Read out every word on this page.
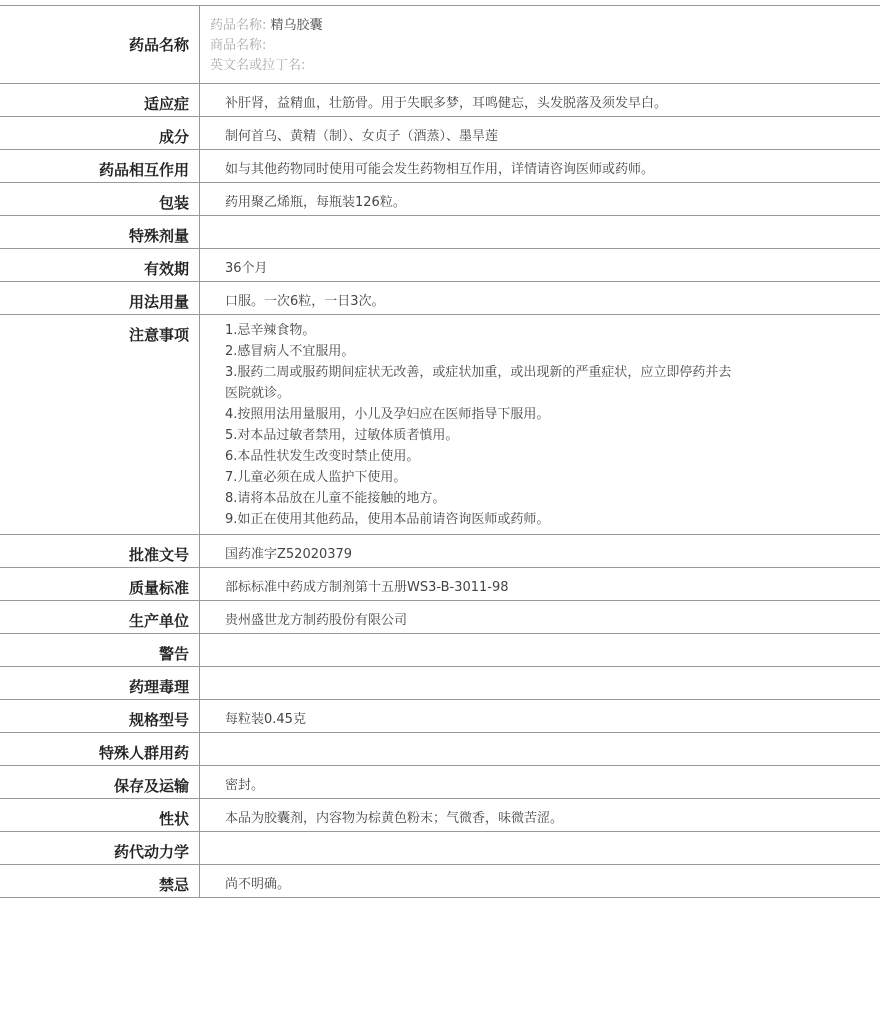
药品名称
药品名称: 精乌胶囊
商品名称:
英文名或拉丁名:
适应症	补肝肾，益精血，壮筋骨。用于失眠多梦，耳鸣健忘，头发脱落及须发早白。
成分	制何首乌、黄精（制）、女贞子（酒蒸）、墨旱莲
药品相互作用	如与其他药物同时使用可能会发生药物相互作用，详情请咨询医师或药师。
包装	药用聚乙烯瓶，每瓶装126粒。
特殊剂量
有效期	36个月
用法用量	口服。一次6粒，一日3次。
注意事项	1.忌辛辣食物。
2.感冒病人不宜服用。
3.服药二周或服药期间症状无改善，或症状加重，或出现新的严重症状，应立即停药并去
医院就诊。
4.按照用法用量服用，小儿及孕妇应在医师指导下服用。
5.对本品过敏者禁用，过敏体质者慎用。
6.本品性状发生改变时禁止使用。
7.儿童必须在成人监护下使用。
8.请将本品放在儿童不能接触的地方。
9.如正在使用其他药品，使用本品前请咨询医师或药师。
批准文号	国药准字Z52020379
质量标准	部标标准中药成方制剂第十五册WS3-B-3011-98
生产单位	贵州盛世龙方制药股份有限公司
警告
药理毒理
规格型号	每粒装0.45克
特殊人群用药
保存及运输	密封。
性状	本品为胶囊剂，内容物为棕黄色粉末；气微香，味微苦涩。
药代动力学
禁忌	尚不明确。
